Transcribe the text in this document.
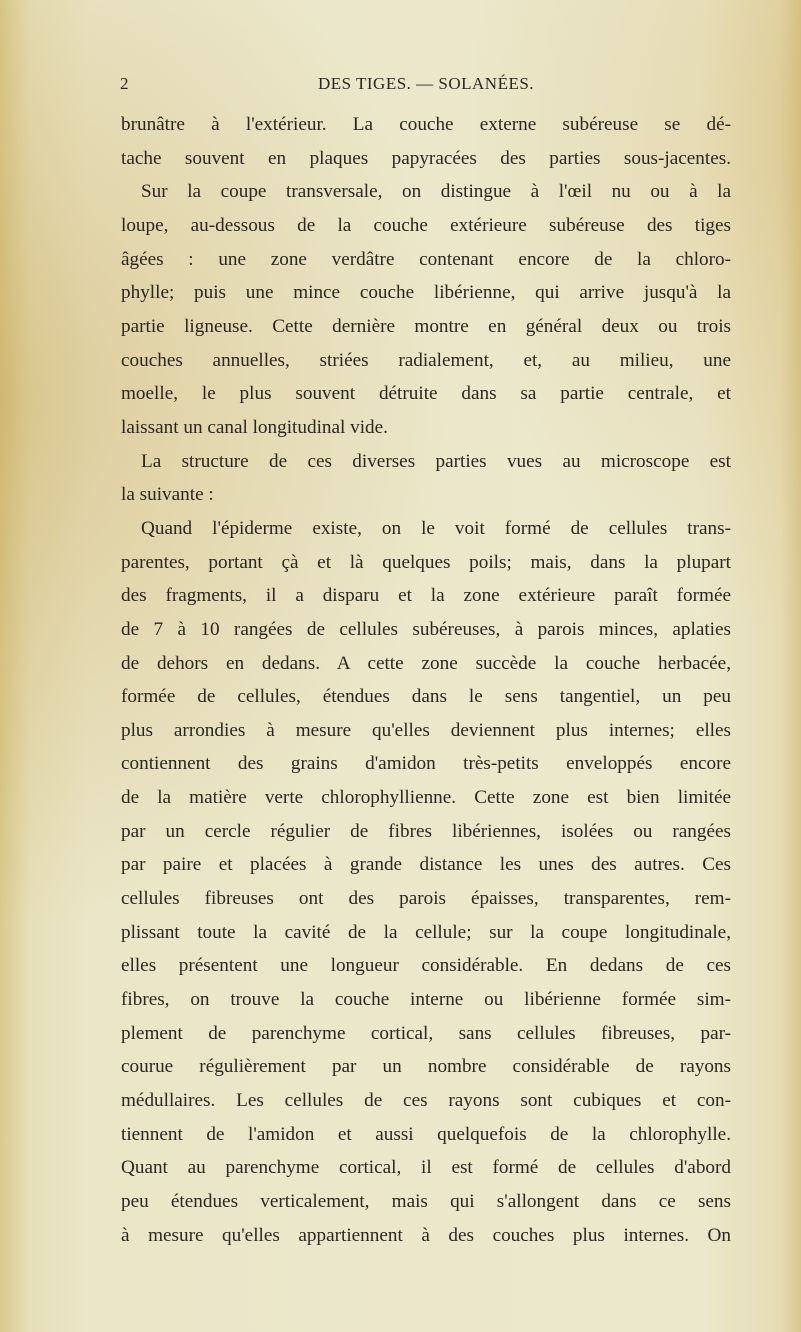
2	DES TIGES. — SOLANÉES.
brunâtre à l'extérieur. La couche externe subéreuse se dé-
tache souvent en plaques papyracées des parties sous-jacentes.
Sur la coupe transversale, on distingue à l'œil nu ou à la
loupe, au-dessous de la couche extérieure subéreuse des tiges
âgées : une zone verdâtre contenant encore de la chloro-
phylle; puis une mince couche libérienne, qui arrive jusqu'à la
partie ligneuse. Cette dernière montre en général deux ou trois
couches annuelles, striées radialement, et, au milieu, une
moelle, le plus souvent détruite dans sa partie centrale, et
laissant un canal longitudinal vide.
La structure de ces diverses parties vues au microscope est
la suivante :
Quand l'épiderme existe, on le voit formé de cellules trans-
parentes, portant çà et là quelques poils; mais, dans la plupart
des fragments, il a disparu et la zone extérieure paraît formée
de 7 à 10 rangées de cellules subéreuses, à parois minces, aplaties
de dehors en dedans. A cette zone succède la couche herbacée,
formée de cellules, étendues dans le sens tangentiel, un peu
plus arrondies à mesure qu'elles deviennent plus internes; elles
contiennent des grains d'amidon très-petits enveloppés encore
de la matière verte chlorophyllienne. Cette zone est bien limitée
par un cercle régulier de fibres libériennes, isolées ou rangées
par paire et placées à grande distance les unes des autres. Ces
cellules fibreuses ont des parois épaisses, transparentes, rem-
plissant toute la cavité de la cellule; sur la coupe longitudinale,
elles présentent une longueur considérable. En dedans de ces
fibres, on trouve la couche interne ou libérienne formée sim-
plement de parenchyme cortical, sans cellules fibreuses, par-
courue régulièrement par un nombre considérable de rayons
médullaires. Les cellules de ces rayons sont cubiques et con-
tiennent de l'amidon et aussi quelquefois de la chlorophylle.
Quant au parenchyme cortical, il est formé de cellules d'abord
peu étendues verticalement, mais qui s'allongent dans ce sens
à mesure qu'elles appartiennent à des couches plus internes. On
